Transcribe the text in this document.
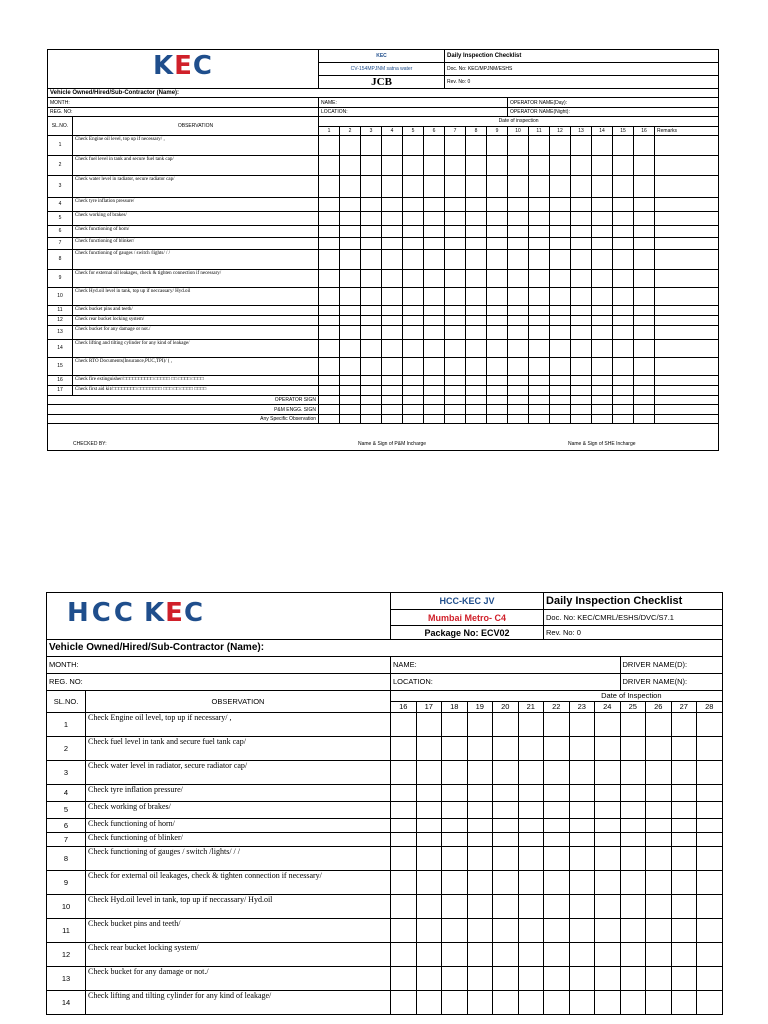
KEC		KEC						Daily Inspection Checklist										
		CV-154MPJNM satna water						Doc. No: KEC/MPJNM/ESHS										
		JCB						Rev. No: 0										
Vehicle Owned/Hired/Sub-Contractor (Name):																		
MONTH:		NAME:									OPERATOR NAME(Day):							
REG. NO:		LOCATION:									OPERATOR NAME(Night):							
SL.NO.	OBSERVATION	Date of inspection																
		1	2	3	4	5	6	7	8	9	10	11	12	13	14	15	16	Remarks
1	Check Engine oil level, top up if necessary/ ,																	
2	Check fuel level in tank and secure fuel tank cap/																	
3	Check water level in radiator, secure radiator cap/																	
4	Check tyre inflation pressure/																	
5	Check working of brakes/																	
6	Check functioning of horn/																	
7	Check functioning of blinker/																	
8	Check functioning of gauges / switch /lights/ / /																	
9	Check for external oil leakages, check & tighten connection if necessary/																	
10	Check Hyd.oil level in tank, top up if neccassary/ Hyd.oil																	
11	Check bucket pins and teeth/																	
12	Check rear bucket locking system/																	
13	Check bucket for any damage or not./																	
14	Check lifting and tilting cylinder for any kind of leakage/																	
15	Check RTO Documents(Insurance,PUC,TPI)/ ( ,																	
16	Check fire extinguisher/□□□□□□□□□□ □□□□□ □□ □□□□ □□□□																	
17	Check first aid kit/□□□□□□□□ □□□□□□□□ □□□ □□ □□□□ □□□□																	
OPERATOR SIGN																		
P&M ENGG. SIGN																		
Any Specific Observation																		

CHECKED BY: Name & Sign of P&M Incharge Name & Sign of SHE Incharge																		
HCC KEC		HCC-KEC JV						Daily Inspection Checklist						
		Mumbai Metro- C4						Doc. No: KEC/CMRL/ESHS/DVC/S7.1						
		Package No: ECV02						Rev. No: 0						
Vehicle Owned/Hired/Sub-Contractor (Name):														
MONTH:		NAME:									DRIVER NAME(D):			
REG. NO:		LOCATION:									DRIVER NAME(N):			
SL.NO.	OBSERVATION	Date of Inspection												
		16	17	18	19	20	21	22	23	24	25	26	27	28
1	Check Engine oil level, top up if necessary/ ,													
2	Check fuel level in tank and secure fuel tank cap/													
3	Check water level in radiator, secure radiator cap/													
4	Check tyre inflation pressure/													
5	Check working of brakes/													
6	Check functioning of horn/													
7	Check functioning of blinker/													
8	Check functioning of gauges / switch /lights/ / /													
9	Check for external oil leakages, check & tighten connection if necessary/													
10	Check Hyd.oil level in tank, top up if neccassary/ Hyd.oil													
11	Check bucket pins and teeth/													
12	Check rear bucket locking system/													
13	Check bucket for any damage or not./													
14	Check lifting and tilting cylinder for any kind of leakage/													
